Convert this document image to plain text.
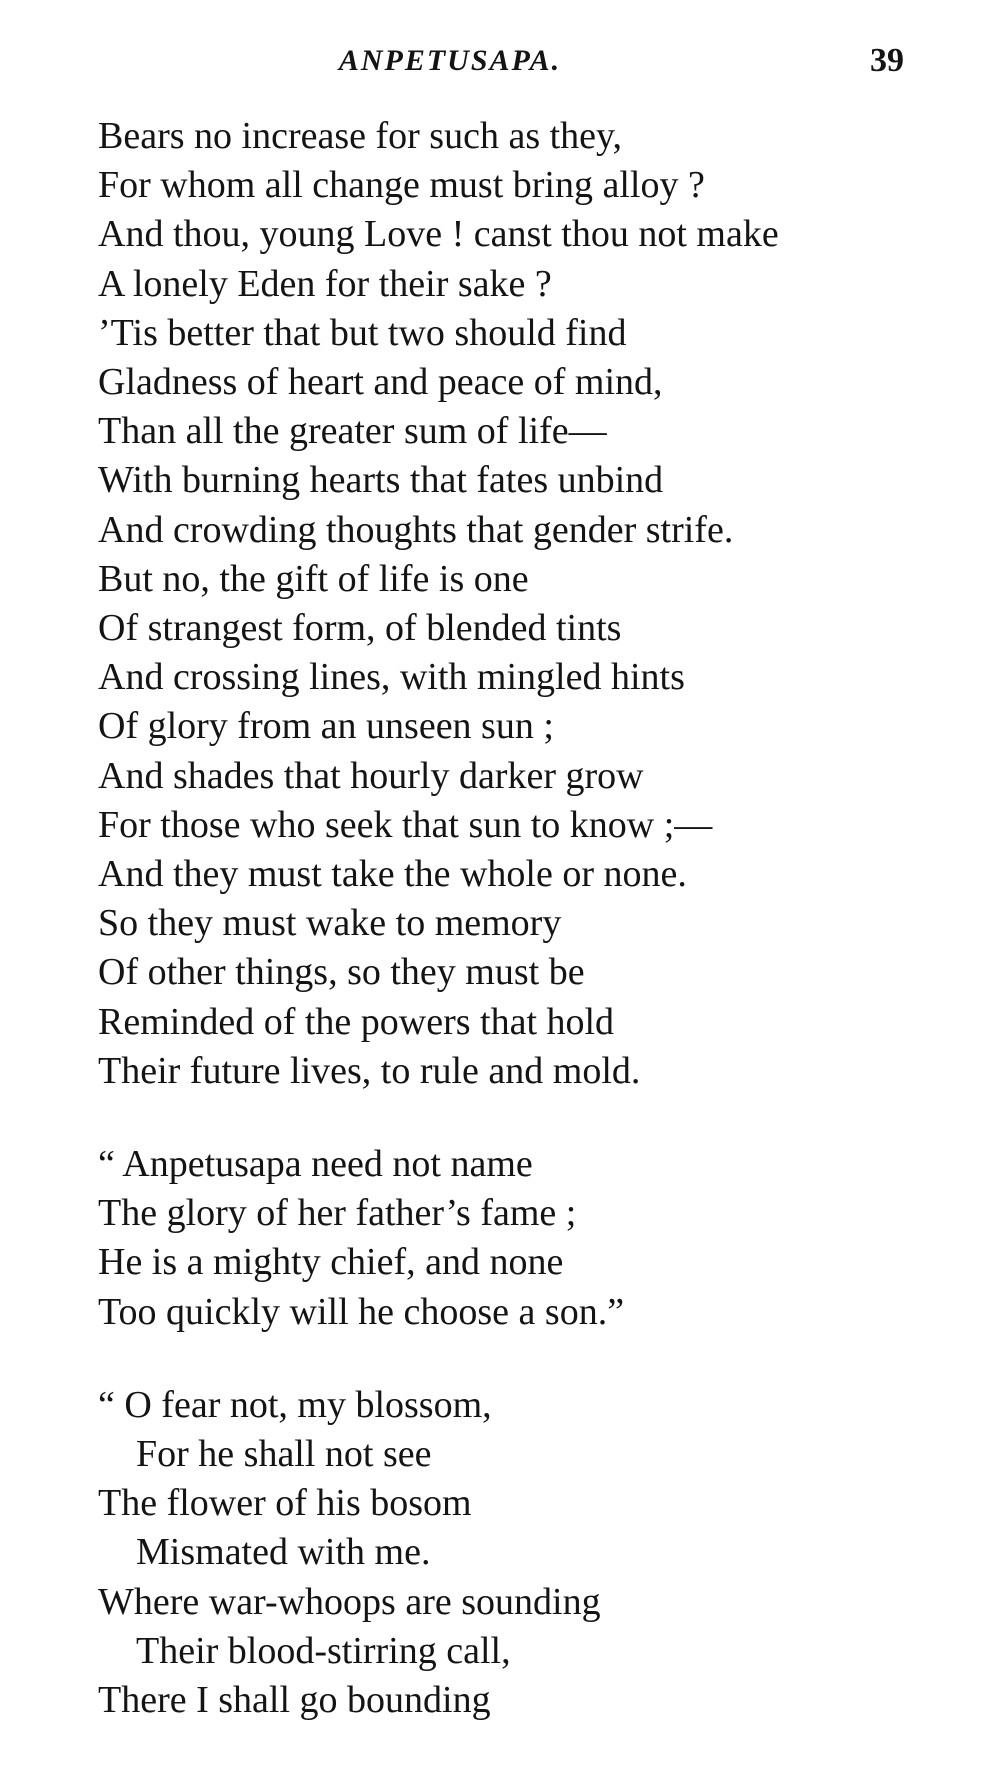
ANPETUSAPA.	39
Bears no increase for such as they,
For whom all change must bring alloy ?
And thou, young Love ! canst thou not make
A lonely Eden for their sake ?
’Tis better that but two should find
Gladness of heart and peace of mind,
Than all the greater sum of life—
With burning hearts that fates unbind
And crowding thoughts that gender strife.
But no, the gift of life is one
Of strangest form, of blended tints
And crossing lines, with mingled hints
Of glory from an unseen sun ;
And shades that hourly darker grow
For those who seek that sun to know ;—
And they must take the whole or none.
So they must wake to memory
Of other things, so they must be
Reminded of the powers that hold
Their future lives, to rule and mold.
“ Anpetusapa need not name
The glory of her father’s fame ;
He is a mighty chief, and none
Too quickly will he choose a son.”
“ O fear not, my blossom,
For he shall not see
The flower of his bosom
Mismated with me.
Where war-whoops are sounding
Their blood-stirring call,
There I shall go bounding
